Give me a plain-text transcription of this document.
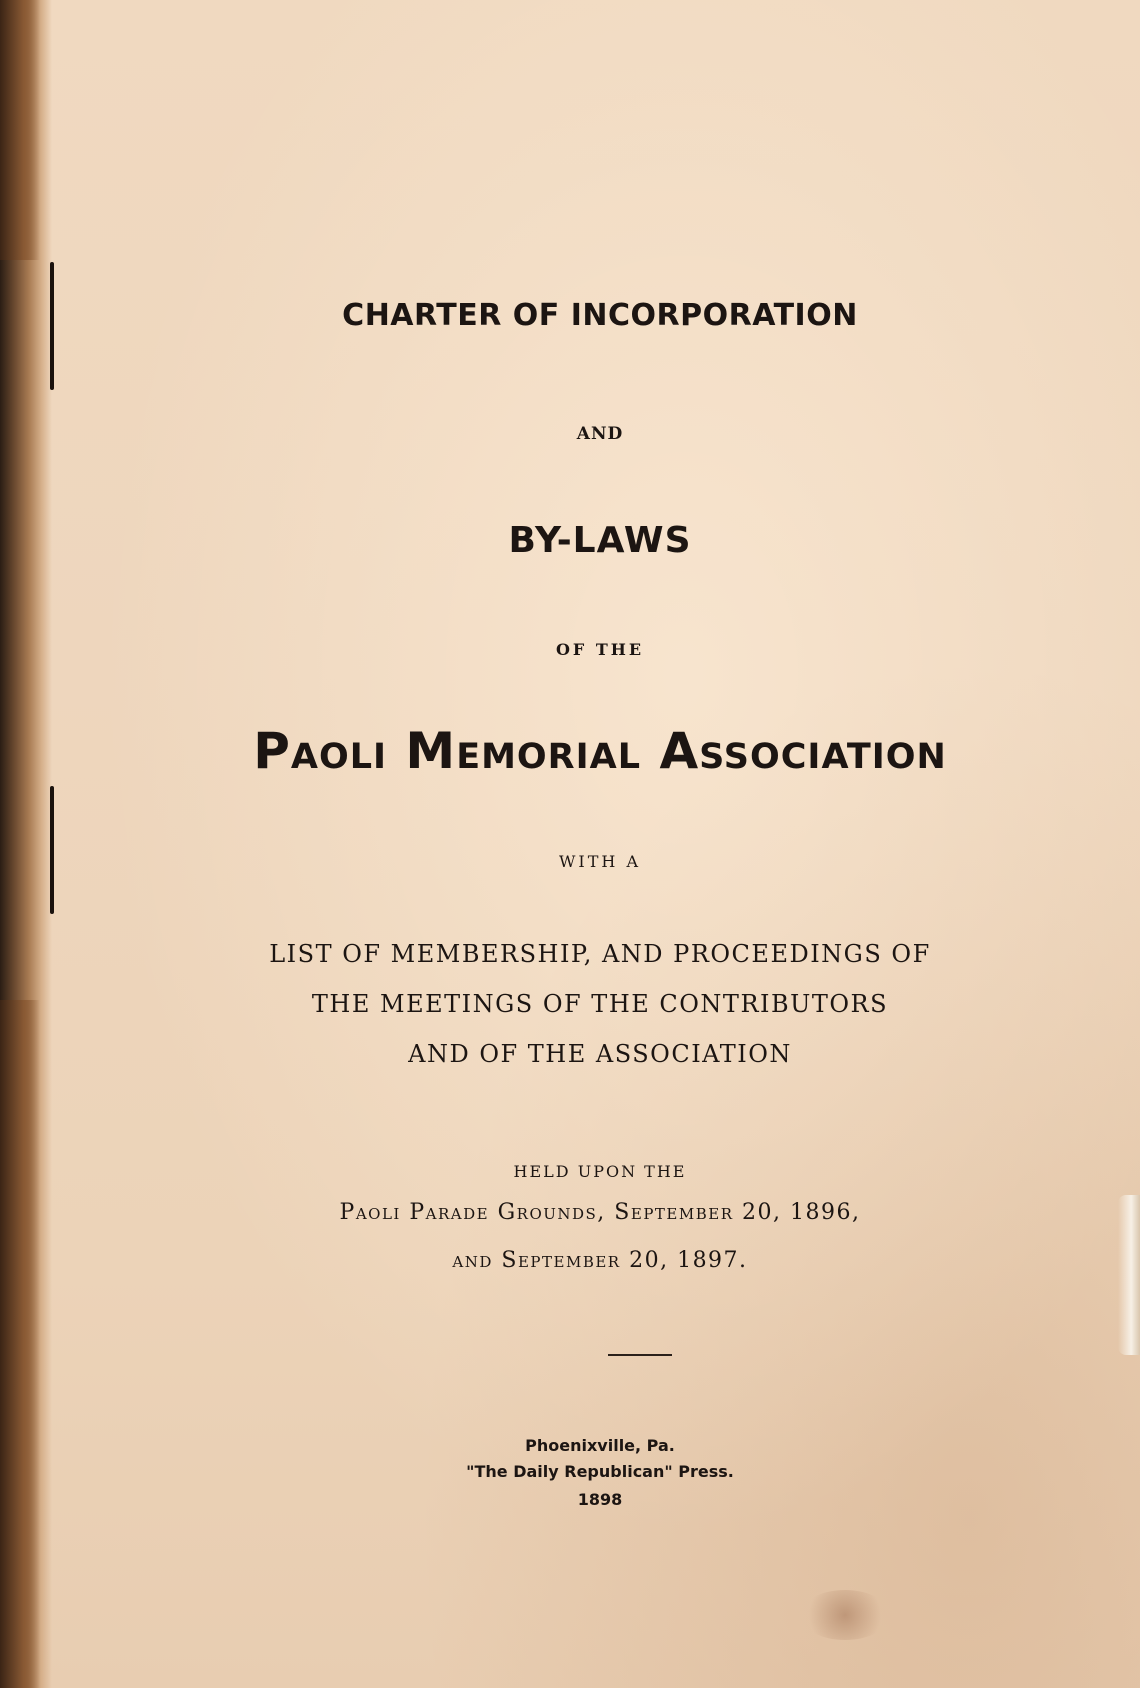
CHARTER OF INCORPORATION
AND
BY-LAWS
OF THE
Paoli Memorial Association
WITH A
LIST OF MEMBERSHIP, AND PROCEEDINGS OF
THE MEETINGS OF THE CONTRIBUTORS
AND OF THE ASSOCIATION
HELD UPON THE
Paoli Parade Grounds, September 20, 1896,
and September 20, 1897.
Phoenixville, Pa.
"The Daily Republican" Press.
1898
